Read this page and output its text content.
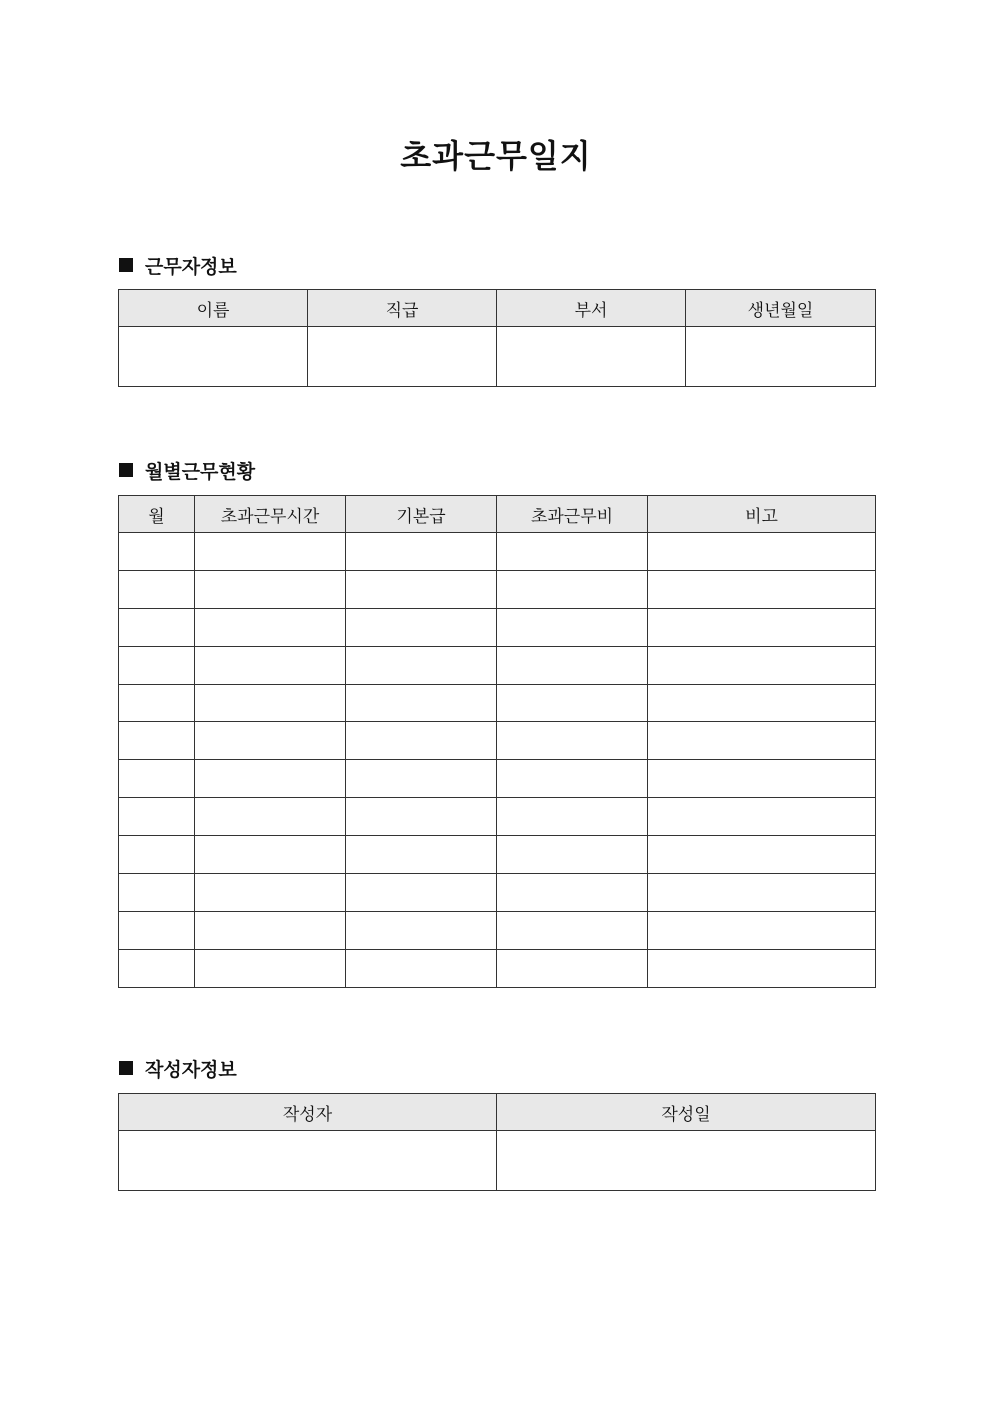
초과근무일지
근무자정보
이름	직급	부서	생년월일

월별근무현황
월	초과근무시간	기본급	초과근무비	비고

작성자정보
작성자	작성일
